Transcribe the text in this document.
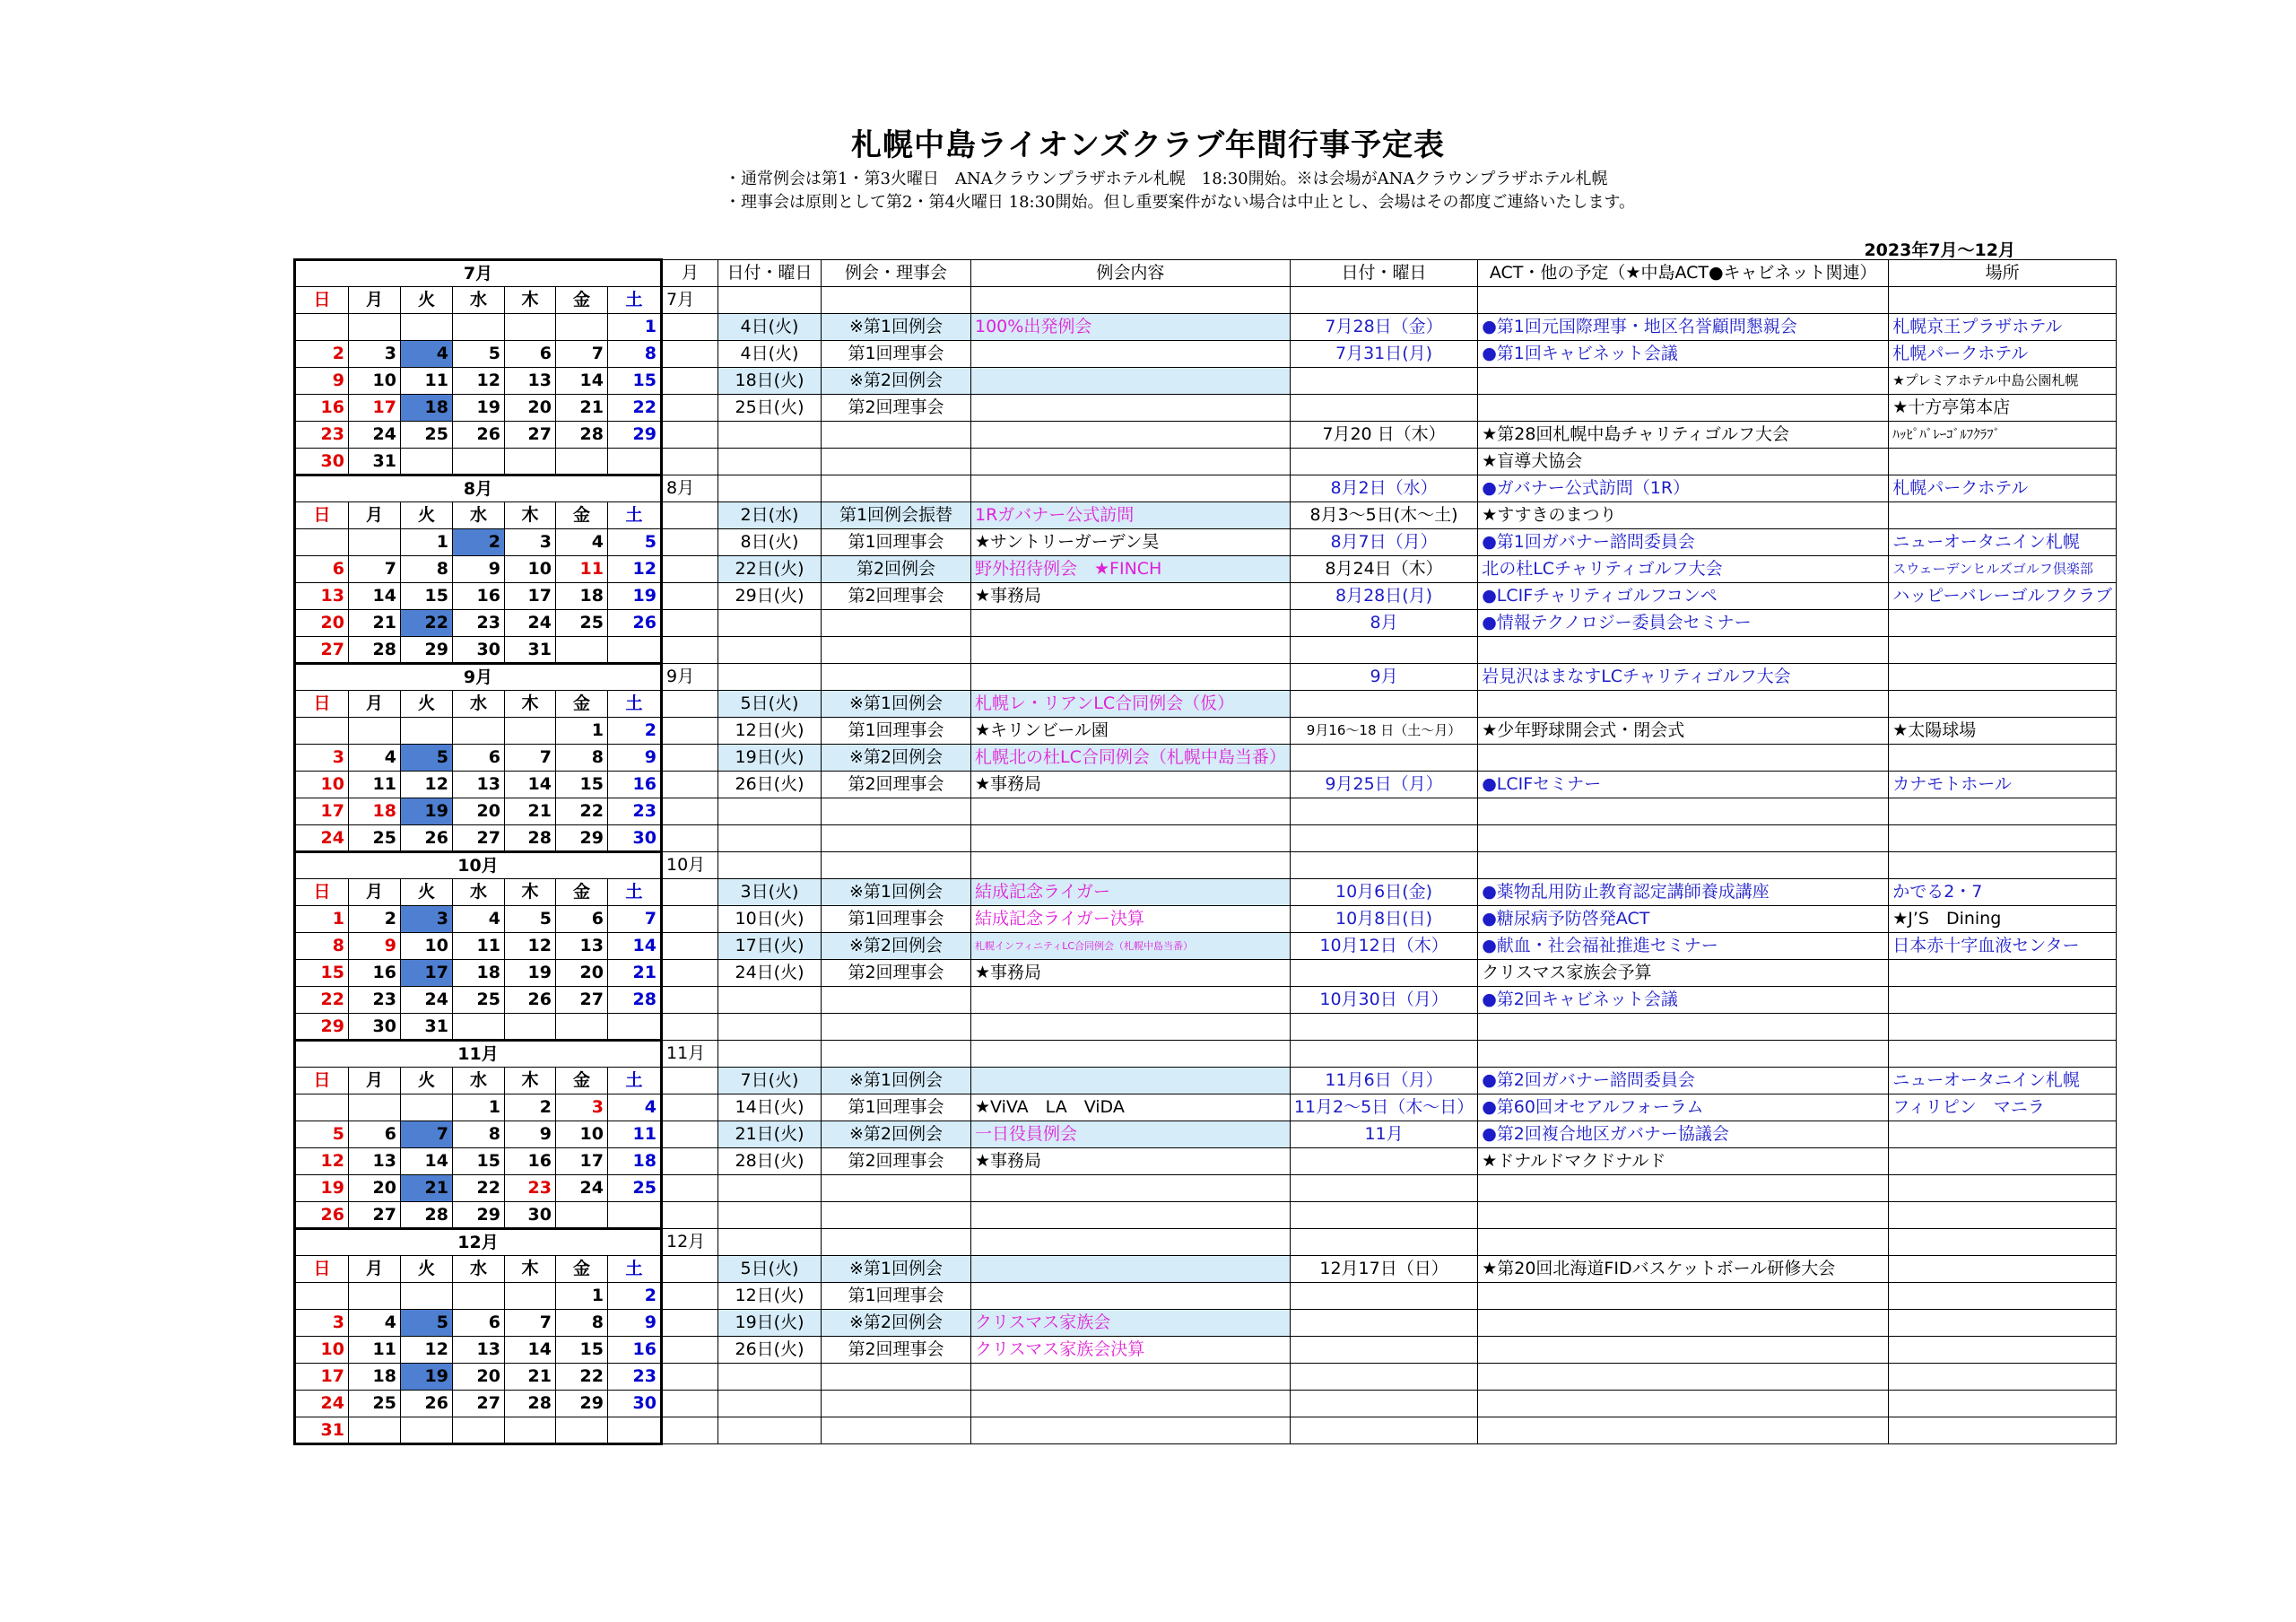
札幌中島ライオンズクラブ年間行事予定表
・通常例会は第1・第3火曜日　ANAクラウンプラザホテル札幌　18:30開始。※は会場がANAクラウンプラザホテル札幌
・理事会は原則として第2・第4火曜日 18:30開始。但し重要案件がない場合は中止とし、会場はその都度ご連絡いたします。
2023年7月～12月
7月							月	日付・曜日	例会・理事会	例会内容	日付・曜日	ACT・他の予定（★中島ACT●キャビネット関連）	場所
日	月	火	水	木	金	土	7月						
						1		4日(火)	※第1回例会	100%出発例会	7月28日（金）	●第1回元国際理事・地区名誉顧問懇親会	札幌京王プラザホテル
2	3	4	5	6	7	8		4日(火)	第1回理事会		7月31日(月)	●第1回キャビネット会議	札幌パークホテル
9	10	11	12	13	14	15		18日(火)	※第2回例会				★プレミアホテル中島公園札幌
16	17	18	19	20	21	22		25日(火)	第2回理事会				★十方亭第本店
23	24	25	26	27	28	29					7月20 日（木）	★第28回札幌中島チャリティゴルフ大会	ﾊｯﾋﾟﾊﾞﾚｰｺﾞﾙﾌｸﾗﾌﾞ
30	31											★盲導犬協会	
8月							8月				8月2日（水）	●ガバナー公式訪問（1R）	札幌パークホテル
日	月	火	水	木	金	土		2日(水)	第1回例会振替	1Rガバナー公式訪問	8月3～5日(木～土)	★すすきのまつり	
		1	2	3	4	5		8日(火)	第1回理事会	★サントリーガーデン昊	8月7日（月）	●第1回ガバナー諮問委員会	ニューオータニイン札幌
6	7	8	9	10	11	12		22日(火)	第2回例会	野外招待例会　★FINCH	8月24日（木）	北の杜LCチャリティゴルフ大会	スウェーデンヒルズゴルフ倶楽部
13	14	15	16	17	18	19		29日(火)	第2回理事会	★事務局	8月28日(月)	●LCIFチャリティゴルフコンペ	ハッピーバレーゴルフクラブ
20	21	22	23	24	25	26					8月	●情報テクノロジー委員会セミナー	
27	28	29	30	31									
9月							9月				9月	岩見沢はまなすLCチャリティゴルフ大会	
日	月	火	水	木	金	土		5日(火)	※第1回例会	札幌レ・リアンLC合同例会（仮）			
					1	2		12日(火)	第1回理事会	★キリンビール園	9月16～18 日（土～月）	★少年野球開会式・閉会式	★太陽球場
3	4	5	6	7	8	9		19日(火)	※第2回例会	札幌北の杜LC合同例会（札幌中島当番）			
10	11	12	13	14	15	16		26日(火)	第2回理事会	★事務局	9月25日（月）	●LCIFセミナー	カナモトホール
17	18	19	20	21	22	23							
24	25	26	27	28	29	30							
10月							10月						
日	月	火	水	木	金	土		3日(火)	※第1回例会	結成記念ライガー	10月6日(金)	●薬物乱用防止教育認定講師養成講座	かでる2・7
1	2	3	4	5	6	7		10日(火)	第1回理事会	結成記念ライガー決算	10月8日(日)	●糖尿病予防啓発ACT	★J’S　Dining
8	9	10	11	12	13	14		17日(火)	※第2回例会	札幌インフィニティLC合同例会（札幌中島当番）	10月12日（木）	●献血・社会福祉推進セミナー	日本赤十字血液センター
15	16	17	18	19	20	21		24日(火)	第2回理事会	★事務局		クリスマス家族会予算	
22	23	24	25	26	27	28					10月30日（月）	●第2回キャビネット会議	
29	30	31											
11月							11月						
日	月	火	水	木	金	土		7日(火)	※第1回例会		11月6日（月）	●第2回ガバナー諮問委員会	ニューオータニイン札幌
			1	2	3	4		14日(火)	第1回理事会	★ViVA　LA　ViDA	11月2～5日（木～日）	●第60回オセアルフォーラム	フィリピン　マニラ
5	6	7	8	9	10	11		21日(火)	※第2回例会	一日役員例会	11月	●第2回複合地区ガバナー協議会	
12	13	14	15	16	17	18		28日(火)	第2回理事会	★事務局		★ドナルドマクドナルド	
19	20	21	22	23	24	25							
26	27	28	29	30									
12月							12月						
日	月	火	水	木	金	土		5日(火)	※第1回例会		12月17日（日）	★第20回北海道FIDバスケットボール研修大会	
					1	2		12日(火)	第1回理事会				
3	4	5	6	7	8	9		19日(火)	※第2回例会	クリスマス家族会			
10	11	12	13	14	15	16		26日(火)	第2回理事会	クリスマス家族会決算			
17	18	19	20	21	22	23							
24	25	26	27	28	29	30							
31													
